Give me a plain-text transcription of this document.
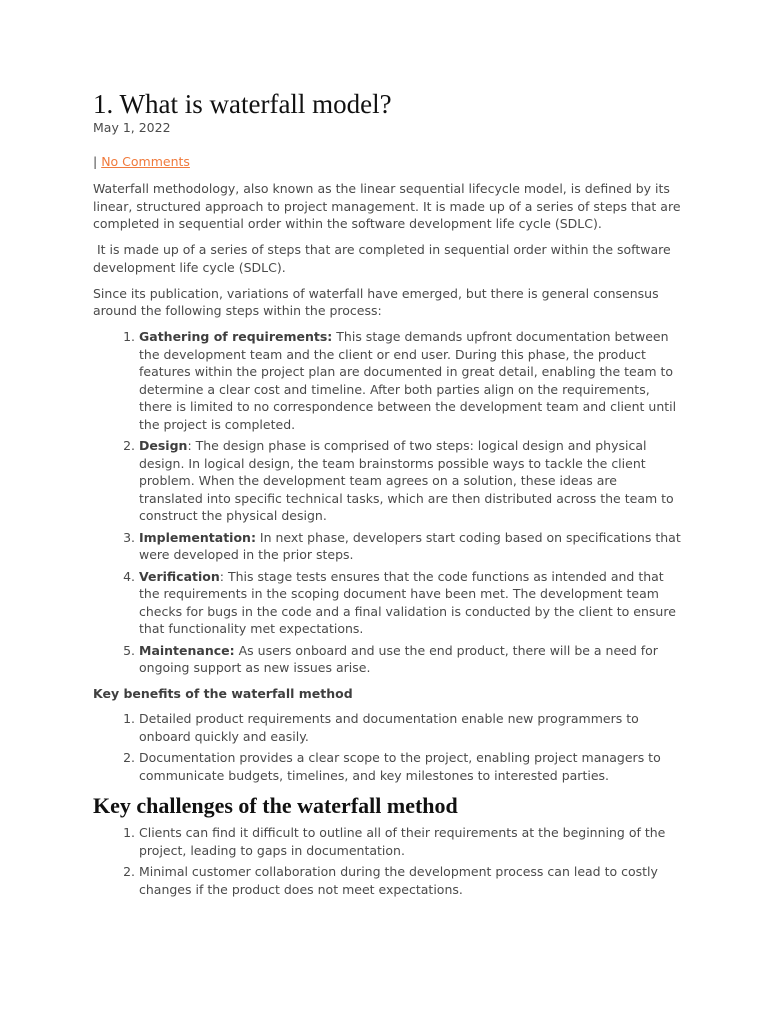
1. What is waterfall model?
May 1, 2022
| No Comments

Waterfall methodology, also known as the linear sequential lifecycle model, is defined by its linear, structured approach to project management. It is made up of a series of steps that are completed in sequential order within the software development life cycle (SDLC).

It is made up of a series of steps that are completed in sequential order within the software development life cycle (SDLC).

Since its publication, variations of waterfall have emerged, but there is general consensus around the following steps within the process:

1. Gathering of requirements: This stage demands upfront documentation between the development team and the client or end user. During this phase, the product features within the project plan are documented in great detail, enabling the team to determine a clear cost and timeline. After both parties align on the requirements, there is limited to no correspondence between the development team and client until the project is completed.
2. Design: The design phase is comprised of two steps: logical design and physical design. In logical design, the team brainstorms possible ways to tackle the client problem. When the development team agrees on a solution, these ideas are translated into specific technical tasks, which are then distributed across the team to construct the physical design.
3. Implementation: In next phase, developers start coding based on specifications that were developed in the prior steps.
4. Verification: This stage tests ensures that the code functions as intended and that the requirements in the scoping document have been met. The development team checks for bugs in the code and a final validation is conducted by the client to ensure that functionality met expectations.
5. Maintenance: As users onboard and use the end product, there will be a need for ongoing support as new issues arise.
Key benefits of the waterfall method
1. Detailed product requirements and documentation enable new programmers to onboard quickly and easily.
2. Documentation provides a clear scope to the project, enabling project managers to communicate budgets, timelines, and key milestones to interested parties.
Key challenges of the waterfall method
1. Clients can find it difficult to outline all of their requirements at the beginning of the project, leading to gaps in documentation.
2. Minimal customer collaboration during the development process can lead to costly changes if the product does not meet expectations.
